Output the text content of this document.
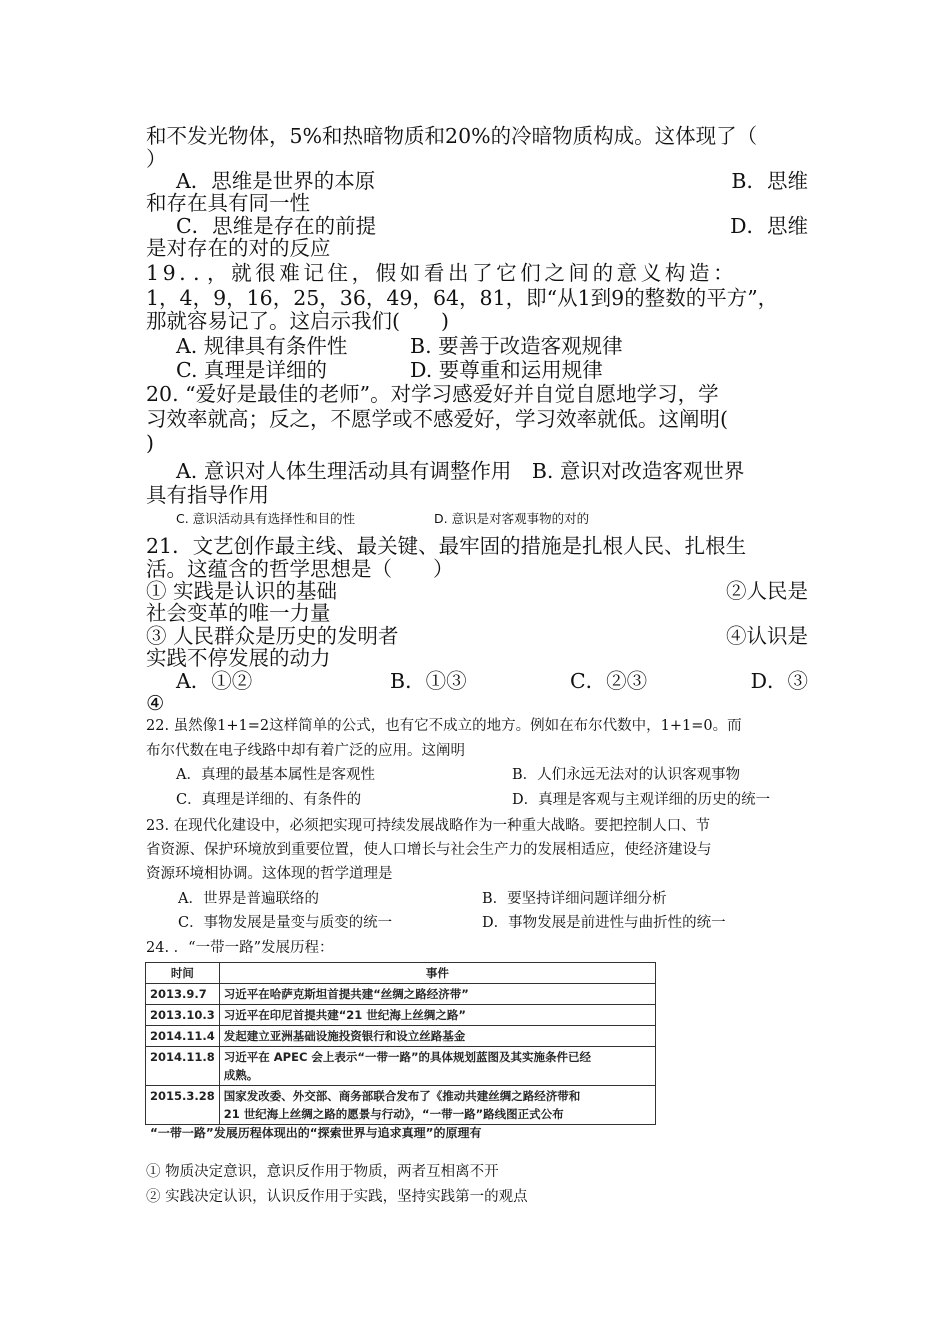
和不发光物体，5%和热暗物质和20%的冷暗物质构成。这体现了（
）
A．思维是世界的本原	B．思维
和存在具有同一性
C．思维是存在的前提	D．思维
是对存在的对的反应
19．．，就很难记住，假如看出了它们之间的意义构造：
1，4，9，16，25，36，49，64，81，即“从1到9的整数的平方”，
那就容易记了。这启示我们(　　)
A. 规律具有条件性	B. 要善于改造客观规律
C. 真理是详细的	D. 要尊重和运用规律
20. “爱好是最佳的老师”。对学习感爱好并自觉自愿地学习，学
习效率就高；反之，不愿学或不感爱好，学习效率就低。这阐明(
)
A. 意识对人体生理活动具有调整作用　B. 意识对改造客观世界
具有指导作用
C. 意识活动具有选择性和目的性	D. 意识是对客观事物的对的
21．文艺创作最主线、最关键、最牢固的措施是扎根人民、扎根生
活。这蕴含的哲学思想是（　　）
① 实践是认识的基础	②人民是
社会变革的唯一力量
③ 人民群众是历史的发明者	④认识是
实践不停发展的动力
A．①②	B．①③	C．②③	D．③
④
22. 虽然像1+1=2这样简单的公式，也有它不成立的地方。例如在布尔代数中，1+1=0。而
布尔代数在电子线路中却有着广泛的应用。这阐明
A．真理的最基本属性是客观性	B．人们永远无法对的认识客观事物
C．真理是详细的、有条件的	D．真理是客观与主观详细的历史的统一
23. 在现代化建设中，必须把实现可持续发展战略作为一种重大战略。要把控制人口、节
省资源、保护环境放到重要位置，使人口增长与社会生产力的发展相适应，使经济建设与
资源环境相协调。这体现的哲学道理是
A．世界是普遍联络的	B．要坚持详细问题详细分析
C．事物发展是量变与质变的统一	D．事物发展是前进性与曲折性的统一
24. ．“一带一路”发展历程：
时间	事件
2013.9.7	习近平在哈萨克斯坦首提共建“丝绸之路经济带”

2013.10.3	习近平在印尼首提共建“21 世纪海上丝绸之路”

2014.11.4	发起建立亚洲基础设施投资银行和设立丝路基金

2014.11.8	习近平在 APEC 会上表示“一带一路”的具体规划蓝图及其实施条件已经
成熟。

2015.3.28	国家发改委、外交部、商务部联合发布了《推动共建丝绸之路经济带和
21 世纪海上丝绸之路的愿景与行动》，“一带一路”路线图正式公布
“一带一路”发展历程体现出的“探索世界与追求真理”的原理有
① 物质决定意识，意识反作用于物质，两者互相离不开
② 实践决定认识，认识反作用于实践，坚持实践第一的观点
